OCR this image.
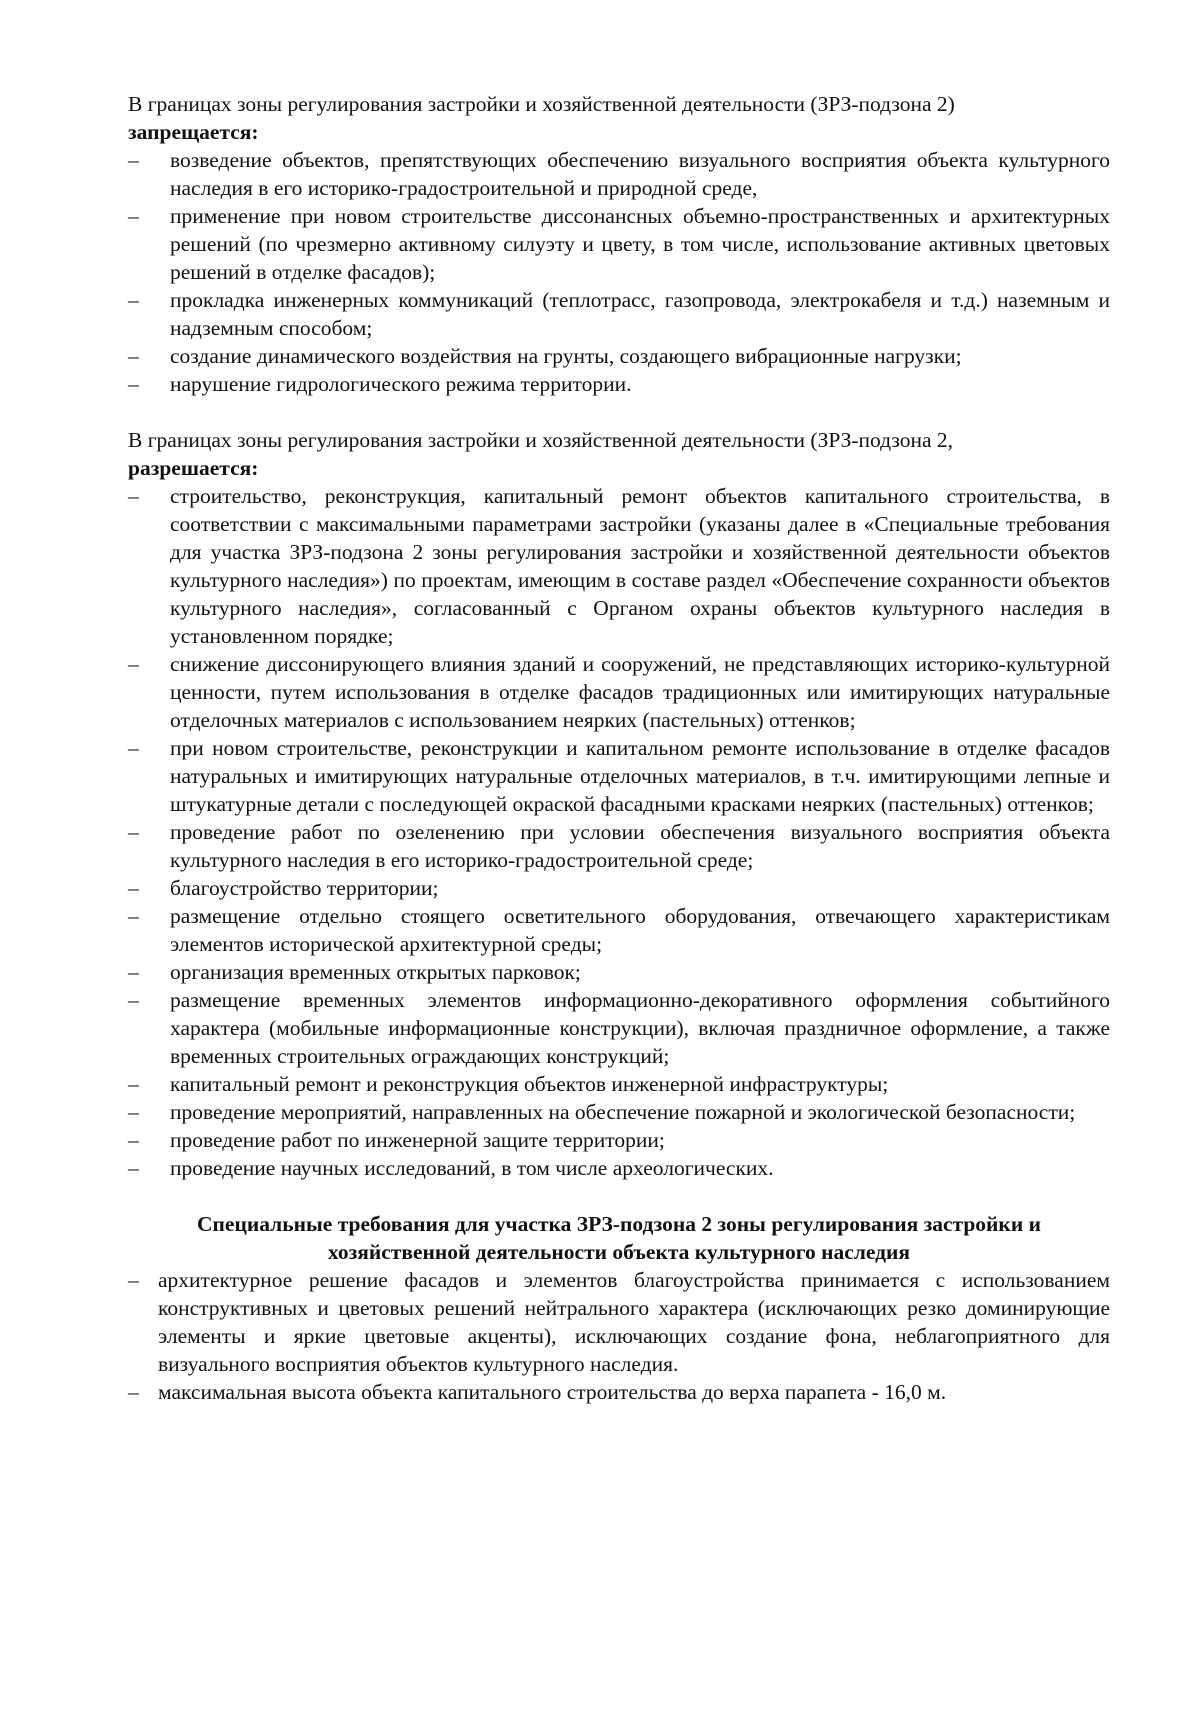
В границах зоны регулирования застройки и хозяйственной деятельности (ЗРЗ-подзона 2)

запрещается:

–	возведение объектов, препятствующих обеспечению визуального восприятия объекта культурного наследия в его историко-градостроительной и природной среде,
–	применение при новом строительстве диссонансных объемно-пространственных и архитектурных решений (по чрезмерно активному силуэту и цвету, в том числе, использование активных цветовых решений в отделке фасадов);
–	прокладка инженерных коммуникаций (теплотрасс, газопровода, электрокабеля и т.д.) наземным и надземным способом;
–	создание динамического воздействия на грунты, создающего вибрационные нагрузки;
–	нарушение гидрологического режима территории.

В границах зоны регулирования застройки и хозяйственной деятельности (ЗРЗ-подзона 2,

разрешается:

–	строительство, реконструкция, капитальный ремонт объектов капитального строительства, в соответствии с максимальными параметрами застройки (указаны далее в «Специальные требования для участка ЗРЗ-подзона 2 зоны регулирования застройки и хозяйственной деятельности объектов культурного наследия») по проектам, имеющим в составе раздел «Обеспечение сохранности объектов культурного наследия», согласованный с Органом охраны объектов культурного наследия в установленном порядке;
–	снижение диссонирующего влияния зданий и сооружений, не представляющих историко-культурной ценности, путем использования в отделке фасадов традиционных или имитирующих натуральные отделочных материалов с использованием неярких (пастельных) оттенков;
–	при новом строительстве, реконструкции и капитальном ремонте использование в отделке фасадов натуральных и имитирующих натуральные отделочных материалов, в т.ч. имитирующими лепные и штукатурные детали с последующей окраской фасадными красками неярких (пастельных) оттенков;
–	проведение работ по озеленению при условии обеспечения визуального восприятия объекта культурного наследия в его историко-градостроительной среде;
–	благоустройство территории;
–	размещение отдельно стоящего осветительного оборудования, отвечающего характеристикам элементов исторической архитектурной среды;
–	организация временных открытых парковок;
–	размещение временных элементов информационно-декоративного оформления событийного характера (мобильные информационные конструкции), включая праздничное оформление, а также временных строительных ограждающих конструкций;
–	капитальный ремонт и реконструкция объектов инженерной инфраструктуры;
–	проведение мероприятий, направленных на обеспечение пожарной и экологической безопасности;
–	проведение работ по инженерной защите территории;
–	проведение научных исследований, в том числе археологических.

Специальные требования для участка ЗРЗ-подзона 2 зоны регулирования застройки и

хозяйственной деятельности объекта культурного наследия

– архитектурное решение фасадов и элементов благоустройства принимается с использованием конструктивных и цветовых решений нейтрального характера (исключающих резко доминирующие элементы и яркие цветовые акценты), исключающих создание фона, неблагоприятного для визуального восприятия объектов культурного наследия.
– максимальная высота объекта капитального строительства до верха парапета - 16,0 м.
